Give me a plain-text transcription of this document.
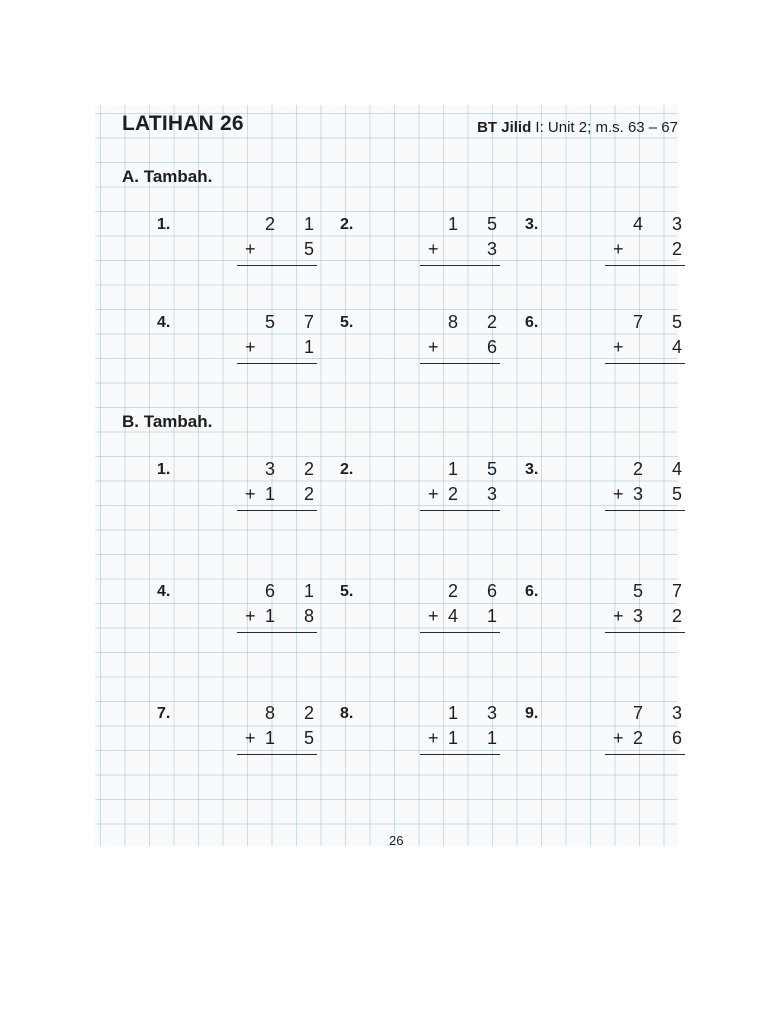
LATIHAN 26	BT Jilid I: Unit 2; m.s. 63 – 67
A. Tambah.
1.	2 1
+	5
2.	1 5
+	3
3.	4 3
+	2
4.	5 7
+	1
5.	8 2
+	6
6.	7 5
+	4
B. Tambah.
1.	3 2
+ 1 2
2.	1 5
+ 2 3
3.	2 4
+ 3 5
4.	6 1
+ 1 8
5.	2 6
+ 4 1
6.	5 7
+ 3 2
7.	8 2
+ 1 5
8.	1 3
+ 1 1
9.	7 3
+ 2 6
26
